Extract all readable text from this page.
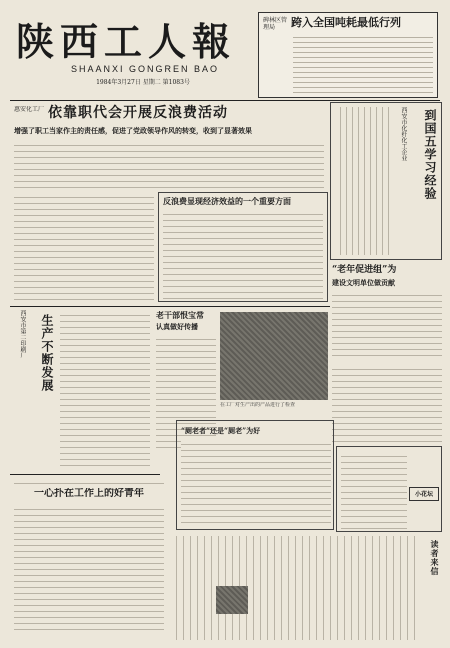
陕西工人報
SHAANXI GONGREN BAO
1984年3月27日 星期二 第1083号
碑林区管理局	跨入全国吨耗最低行列
惠安化工厂 依靠职代会开展反浪费活动
增强了职工当家作主的责任感，促进了党政领导作风的转变，收到了显著效果	西安市化纤化工企业	到国五学习经验
反浪费显现经济效益的一个重要方面
“老年促进组”为
建设文明单位做贡献
西安市第二印刷厂	生产不断发展	老干部恨宝常
认真做好传播
在工厂对生产出的产品进行了检查
一心扑在工作上的好青年
“厕老者”还是“厕老”为好
小花坛
读者来信
